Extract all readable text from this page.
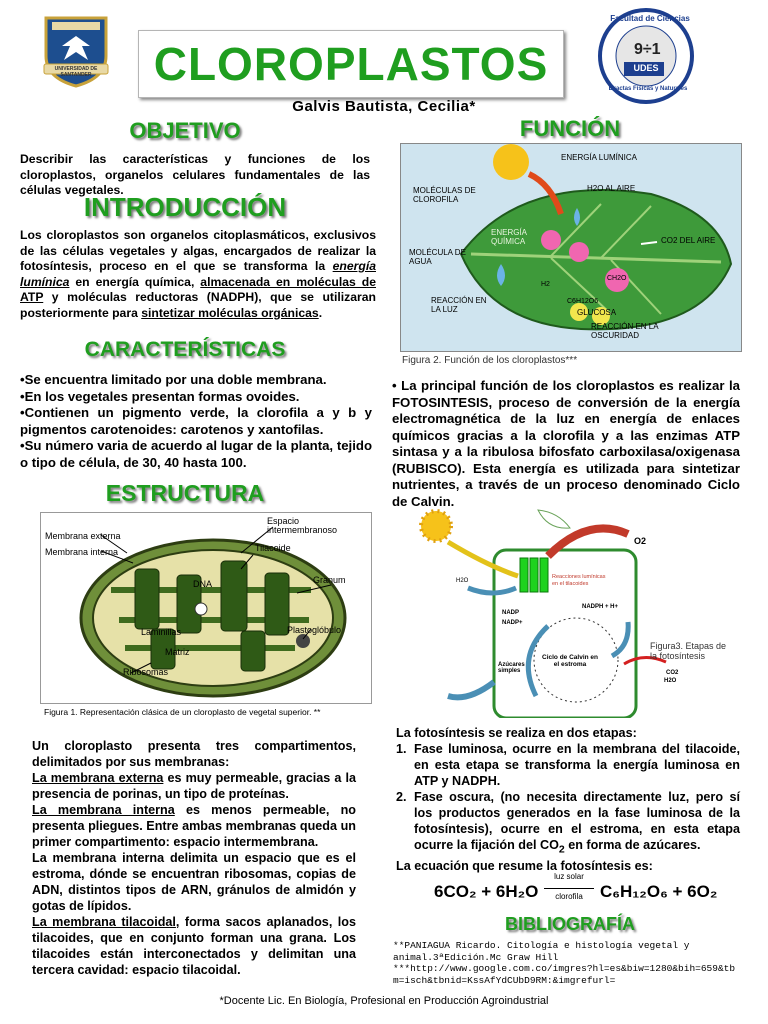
UNIVERSIDAD DE SANTANDER
9÷1
Facultad de Ciencias
UDES
Exactas Físicas y Naturales
CLOROPLASTOS
Galvis Bautista, Cecilia*
OBJETIVO
Describir las características y funciones de los cloroplastos, organelos celulares fundamentales de las células vegetales.
INTRODUCCIÓN
Los cloroplastos son organelos citoplasmáticos, exclusivos de las células vegetales y algas, encargados de realizar la fotosíntesis, proceso en el que se transforma la energía lumínica en energía química, almacenada en moléculas de ATP y moléculas reductoras (NADPH), que se utilizaran posteriormente para sintetizar moléculas orgánicas.
CARACTERÍSTICAS
•Se encuentra limitado por una doble membrana.
•En los vegetales presentan formas ovoides.
•Contienen un pigmento verde, la clorofila a y b y pigmentos carotenoides: carotenos y xantofilas.
•Su número varia de acuerdo al lugar de la planta, tejido o tipo de célula, de 30, 40 hasta 100.
ESTRUCTURA
Membrana externa
Membrana interna
Espacio intermembranoso
Tilacoide
DNA	Granum
Laminillas	Plastoglóbulo
Matriz
Ribosomas
Figura 1. Representación clásica de un cloroplasto de vegetal superior. **
Un cloroplasto presenta tres compartimentos, delimitados por sus membranas:
La membrana externa es muy permeable, gracias a la presencia de porinas, un tipo de proteínas.
La membrana interna es menos permeable, no presenta pliegues. Entre ambas membranas queda un primer compartimento: espacio intermembrana.
La membrana interna delimita un espacio que es el estroma, dónde se encuentran ribosomas, copias de ADN, distintos tipos de ARN, gránulos de almidón y gotas de lípidos.
La membrana tilacoidal, forma sacos aplanados, los tilacoides, que en conjunto forman una grana. Los tilacoides están interconectados y delimitan una tercera cavidad: espacio tilacoidal.
FUNCIÓN
ENERGÍA LUMÍNICA
MOLÉCULAS DE CLOROFILA
H2O AL AIRE
ENERGÍA QUÍMICA	CO2 DEL AIRE
MOLÉCULA DE AGUA
REACCIÓN EN LA LUZ	GLUCOSA
REACCIÓN EN LA OSCURIDAD
CH2O
H2
C6H12O6
Figura 2. Función de los cloroplastos***
• La principal función de los cloroplastos es realizar la FOTOSINTESIS, proceso de conversión de la energía electromagnética de la luz en energía de enlaces químicos gracias a la clorofila y a las enzimas ATP sintasa y a la ribulosa bifosfato carboxilasa/oxigenasa (RUBISCO). Esta energía es utilizada para sintetizar nutrientes, a través de un proceso denominado Ciclo de Calvin.
O2
H2O
Reacciones lumínicas en el tilacoides
NADP
NADP+
NADPH + H+
Ciclo de Calvin en el estroma
Azúcares simples	CO2
H2O
Figura3. Etapas de la fotosíntesis
La fotosíntesis se realiza en dos etapas:
1. Fase luminosa, ocurre en la membrana del tilacoide, en esta etapa se transforma la energía luminosa en ATP y NADPH.
2. Fase oscura, (no necesita directamente luz, pero sí los productos generados en la fase luminosa de la fotosíntesis), ocurre en el estroma, en esta etapa ocurre la fijación del $CO_2$ en forma de azúcares.
La ecuación que resume la fotosíntesis es:
6CO₂ + 6H₂O
luz solar
clorofila	C₆H₁₂O₆ + 6O₂
BIBLIOGRAFÍA
**PANIAGUA Ricardo. Citología e histología vegetal y animal.3ªEdición.Mc Graw Hill
***http://www.google.com.co/imgres?hl=es&biw=1280&bih=659&tbm=isch&tbnid=KssAfYdCUbD9RM:&imgrefurl=
*Docente Lic. En Biología, Profesional en Producción Agroindustrial
